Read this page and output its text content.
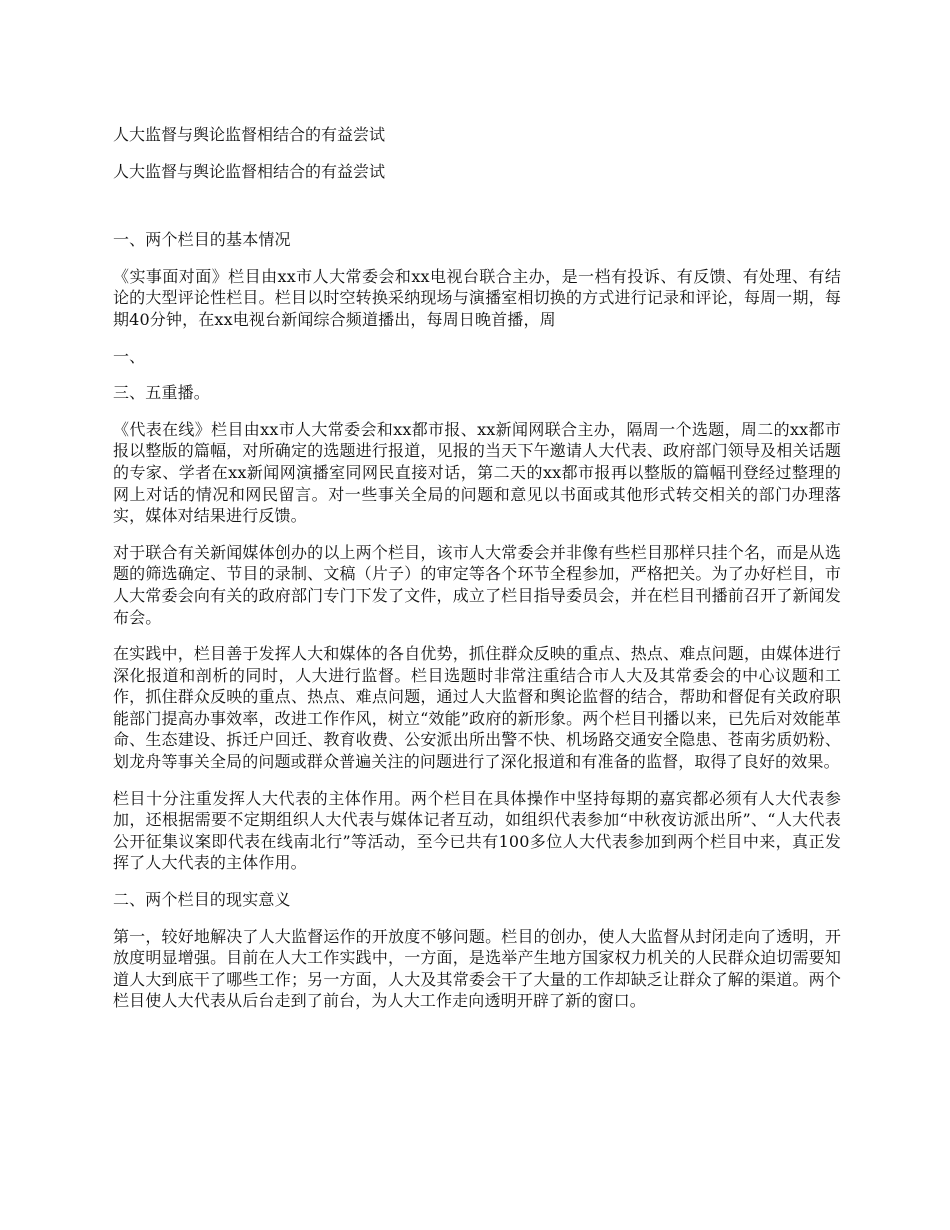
人大监督与舆论监督相结合的有益尝试
人大监督与舆论监督相结合的有益尝试

一、两个栏目的基本情况

《实事面对面》栏目由xx市人大常委会和xx电视台联合主办，是一档有投诉、有反馈、有处理、有结论的大型评论性栏目。栏目以时空转换采纳现场与演播室相切换的方式进行记录和评论，每周一期，每期40分钟，在xx电视台新闻综合频道播出，每周日晚首播，周

一、

三、五重播。

《代表在线》栏目由xx市人大常委会和xx都市报、xx新闻网联合主办，隔周一个选题，周二的xx都市报以整版的篇幅，对所确定的选题进行报道，见报的当天下午邀请人大代表、政府部门领导及相关话题的专家、学者在xx新闻网演播室同网民直接对话，第二天的xx都市报再以整版的篇幅刊登经过整理的网上对话的情况和网民留言。对一些事关全局的问题和意见以书面或其他形式转交相关的部门办理落实，媒体对结果进行反馈。

对于联合有关新闻媒体创办的以上两个栏目，该市人大常委会并非像有些栏目那样只挂个名，而是从选题的筛选确定、节目的录制、文稿（片子）的审定等各个环节全程参加，严格把关。为了办好栏目，市人大常委会向有关的政府部门专门下发了文件，成立了栏目指导委员会，并在栏目刊播前召开了新闻发布会。

在实践中，栏目善于发挥人大和媒体的各自优势，抓住群众反映的重点、热点、难点问题，由媒体进行深化报道和剖析的同时，人大进行监督。栏目选题时非常注重结合市人大及其常委会的中心议题和工作，抓住群众反映的重点、热点、难点问题，通过人大监督和舆论监督的结合，帮助和督促有关政府职能部门提高办事效率，改进工作作风，树立“效能”政府的新形象。两个栏目刊播以来，已先后对效能革命、生态建设、拆迁户回迁、教育收费、公安派出所出警不快、机场路交通安全隐患、苍南劣质奶粉、划龙舟等事关全局的问题或群众普遍关注的问题进行了深化报道和有准备的监督，取得了良好的效果。

栏目十分注重发挥人大代表的主体作用。两个栏目在具体操作中坚持每期的嘉宾都必须有人大代表参加，还根据需要不定期组织人大代表与媒体记者互动，如组织代表参加“中秋夜访派出所”、“人大代表公开征集议案即代表在线南北行”等活动，至今已共有100多位人大代表参加到两个栏目中来，真正发挥了人大代表的主体作用。

二、两个栏目的现实意义

第一，较好地解决了人大监督运作的开放度不够问题。栏目的创办，使人大监督从封闭走向了透明，开放度明显增强。目前在人大工作实践中，一方面，是选举产生地方国家权力机关的人民群众迫切需要知道人大到底干了哪些工作；另一方面，人大及其常委会干了大量的工作却缺乏让群众了解的渠道。两个栏目使人大代表从后台走到了前台，为人大工作走向透明开辟了新的窗口。
